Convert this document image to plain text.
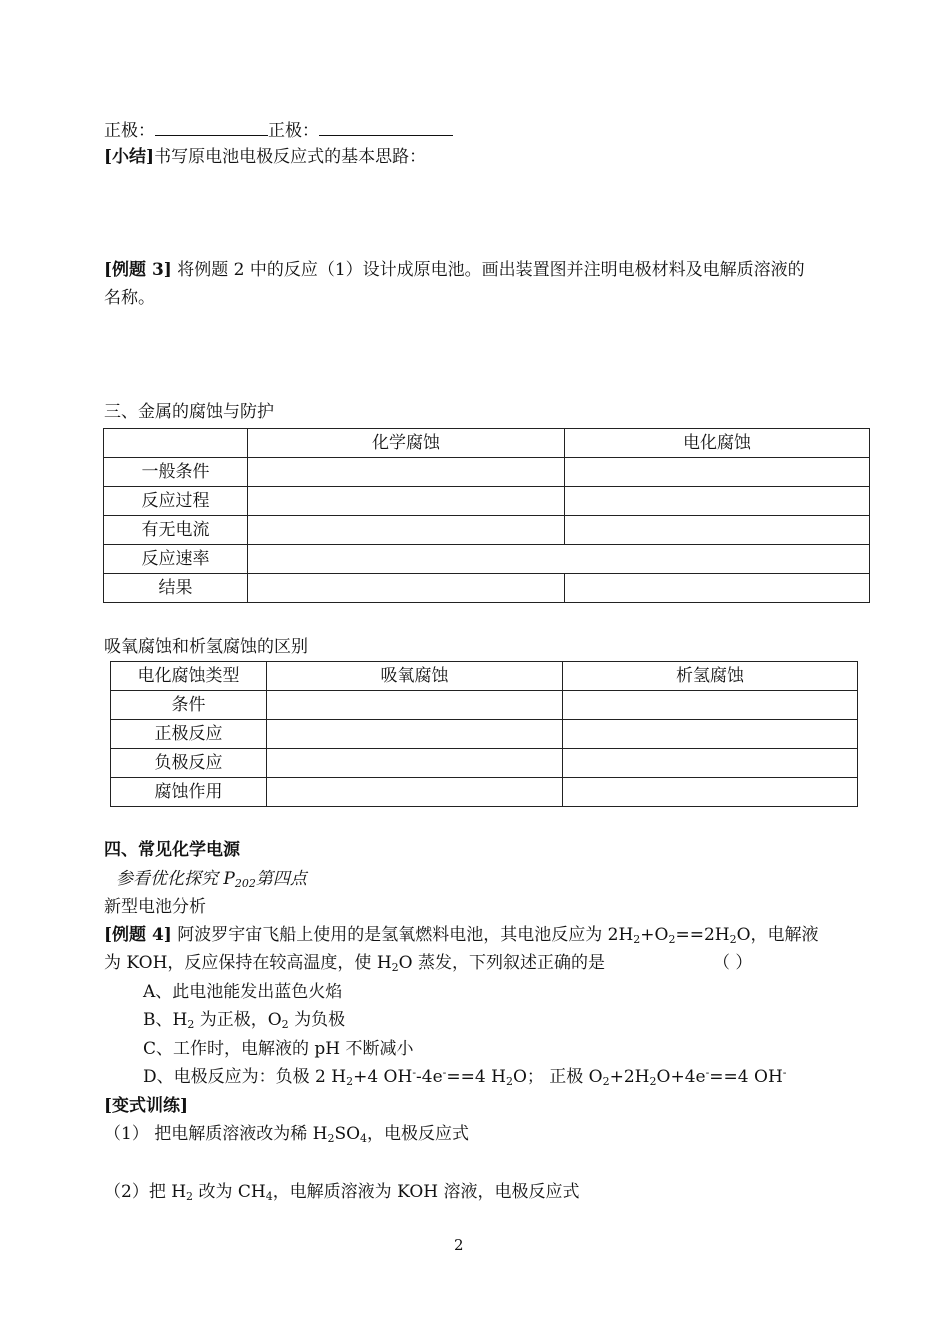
正极：	正极：
[小结]书写原电池电极反应式的基本思路：
[例题 3] 将例题 2 中的反应（1）设计成原电池。画出装置图并注明电极材料及电解质溶液的
名称。
三、金属的腐蚀与防护
	化学腐蚀	电化腐蚀
一般条件		
反应过程		
有无电流		
反应速率		
结果		
吸氧腐蚀和析氢腐蚀的区别
电化腐蚀类型	吸氧腐蚀	析氢腐蚀
条件		
正极反应		
负极反应		
腐蚀作用		
四、常见化学电源
参看优化探究 $P_{202}$第四点
新型电池分析
[例题 4] 阿波罗宇宙飞船上使用的是氢氧燃料电池，其电池反应为 $2H_2+O_2==2H_2O$，电解液
为 KOH，反应保持在较高温度，使 $H_2O$ 蒸发，下列叙述正确的是	（ ）
A、此电池能发出蓝色火焰
B、$H_2$ 为正极，$O_2$ 为负极
C、工作时，电解液的 pH 不断减小
D、电极反应为：负极 2 $H_2+4$ OH--4e-==4 $H_2O$； 正极 $O_2+2H_2O+4e^-==4$ OH-
[变式训练]
（1） 把电解质溶液改为稀 $H_2SO_4$，电极反应式
（2）把 $H_2$ 改为 $CH_4$，电解质溶液为 KOH 溶液，电极反应式
2
